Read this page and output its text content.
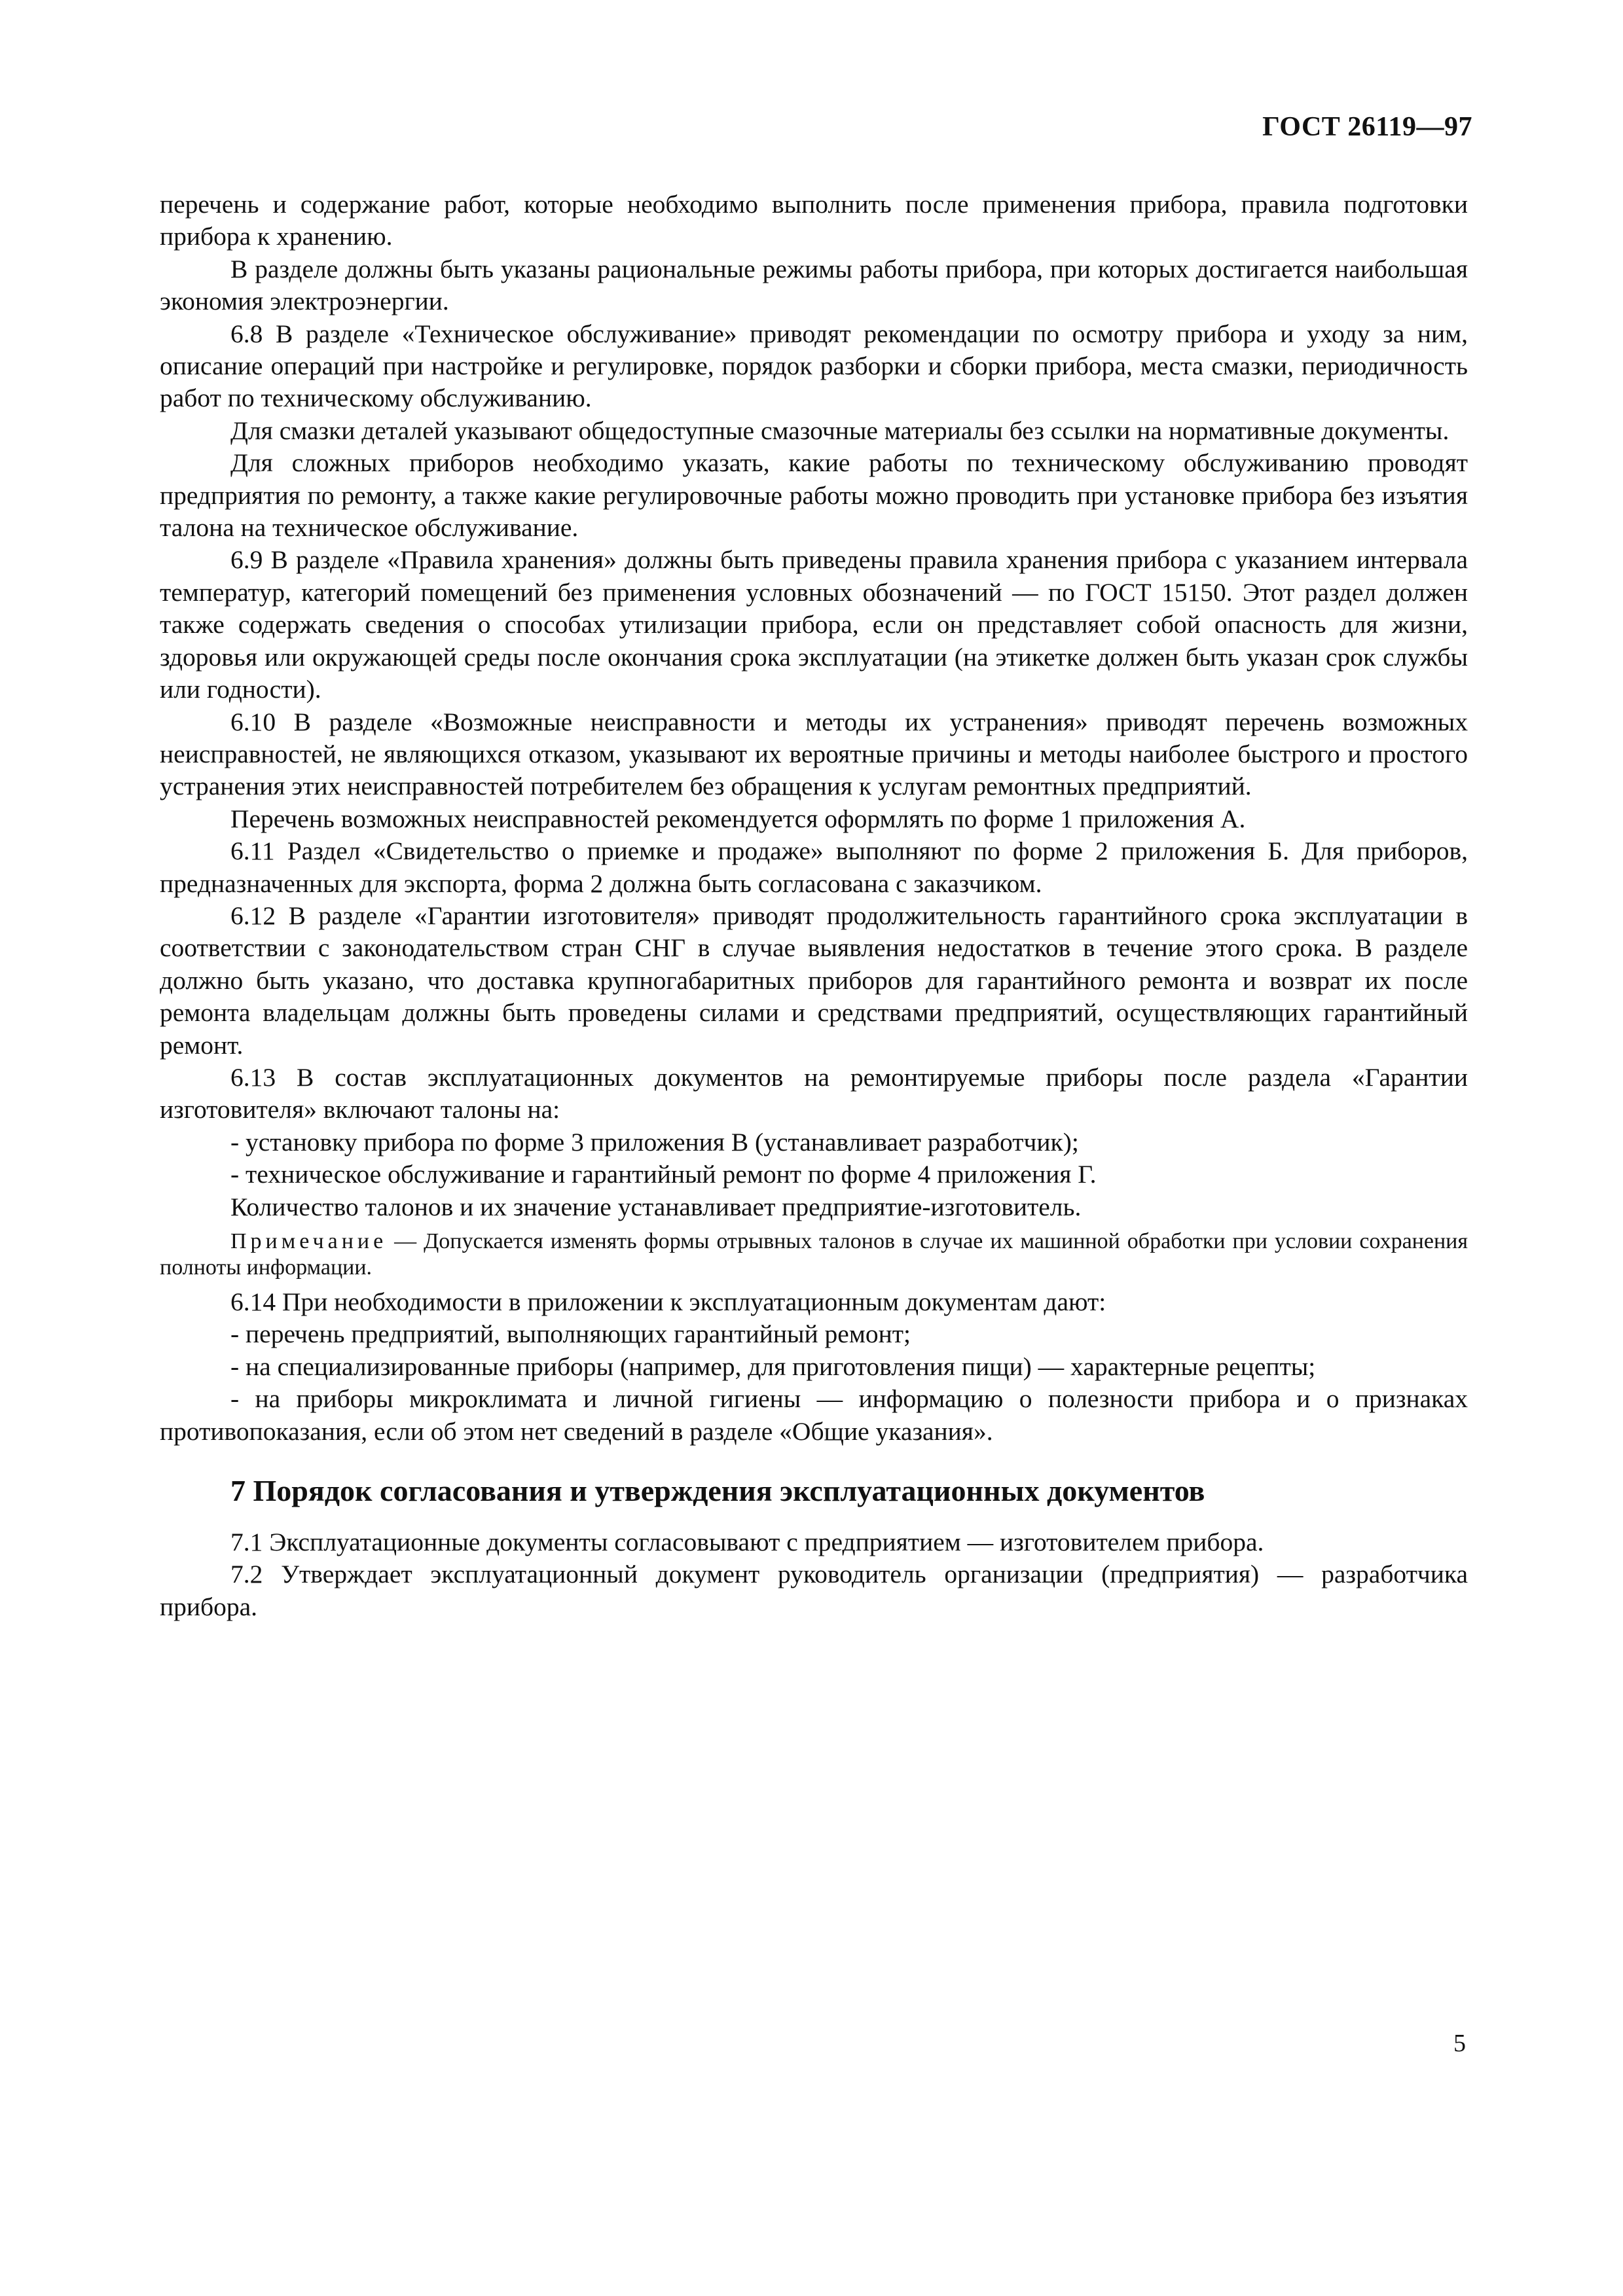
ГОСТ 26119—97

перечень и содержание работ, которые необходимо выполнить после применения прибора, правила подготовки прибора к хранению.

В разделе должны быть указаны рациональные режимы работы прибора, при которых достигается наибольшая экономия электроэнергии.

6.8 В разделе «Техническое обслуживание» приводят рекомендации по осмотру прибора и уходу за ним, описание операций при настройке и регулировке, порядок разборки и сборки прибора, места смазки, периодичность работ по техническому обслуживанию.

Для смазки деталей указывают общедоступные смазочные материалы без ссылки на нормативные документы.

Для сложных приборов необходимо указать, какие работы по техническому обслуживанию проводят предприятия по ремонту, а также какие регулировочные работы можно проводить при установке прибора без изъятия талона на техническое обслуживание.

6.9 В разделе «Правила хранения» должны быть приведены правила хранения прибора с указанием интервала температур, категорий помещений без применения условных обозначений — по ГОСТ 15150. Этот раздел должен также содержать сведения о способах утилизации прибора, если он представляет собой опасность для жизни, здоровья или окружающей среды после окончания срока эксплуатации (на этикетке должен быть указан срок службы или годности).

6.10 В разделе «Возможные неисправности и методы их устранения» приводят перечень возможных неисправностей, не являющихся отказом, указывают их вероятные причины и методы наиболее быстрого и простого устранения этих неисправностей потребителем без обращения к услугам ремонтных предприятий.

Перечень возможных неисправностей рекомендуется оформлять по форме 1 приложения А.

6.11 Раздел «Свидетельство о приемке и продаже» выполняют по форме 2 приложения Б. Для приборов, предназначенных для экспорта, форма 2 должна быть согласована с заказчиком.

6.12 В разделе «Гарантии изготовителя» приводят продолжительность гарантийного срока эксплуатации в соответствии с законодательством стран СНГ в случае выявления недостатков в течение этого срока. В разделе должно быть указано, что доставка крупногабаритных приборов для гарантийного ремонта и возврат их после ремонта владельцам должны быть проведены силами и средствами предприятий, осуществляющих гарантийный ремонт.

6.13 В состав эксплуатационных документов на ремонтируемые приборы после раздела «Гарантии изготовителя» включают талоны на:

- установку прибора по форме 3 приложения В (устанавливает разработчик);

- техническое обслуживание и гарантийный ремонт по форме 4 приложения Г.

Количество талонов и их значение устанавливает предприятие-изготовитель.

Примечание — Допускается изменять формы отрывных талонов в случае их машинной обработки при условии сохранения полноты информации.

6.14 При необходимости в приложении к эксплуатационным документам дают:

- перечень предприятий, выполняющих гарантийный ремонт;

- на специализированные приборы (например, для приготовления пищи) — характерные рецепты;

- на приборы микроклимата и личной гигиены — информацию о полезности прибора и о признаках противопоказания, если об этом нет сведений в разделе «Общие указания».

7 Порядок согласования и утверждения эксплуатационных документов

7.1 Эксплуатационные документы согласовывают с предприятием — изготовителем прибора.

7.2 Утверждает эксплуатационный документ руководитель организации (предприятия) — разработчика прибора.

5
